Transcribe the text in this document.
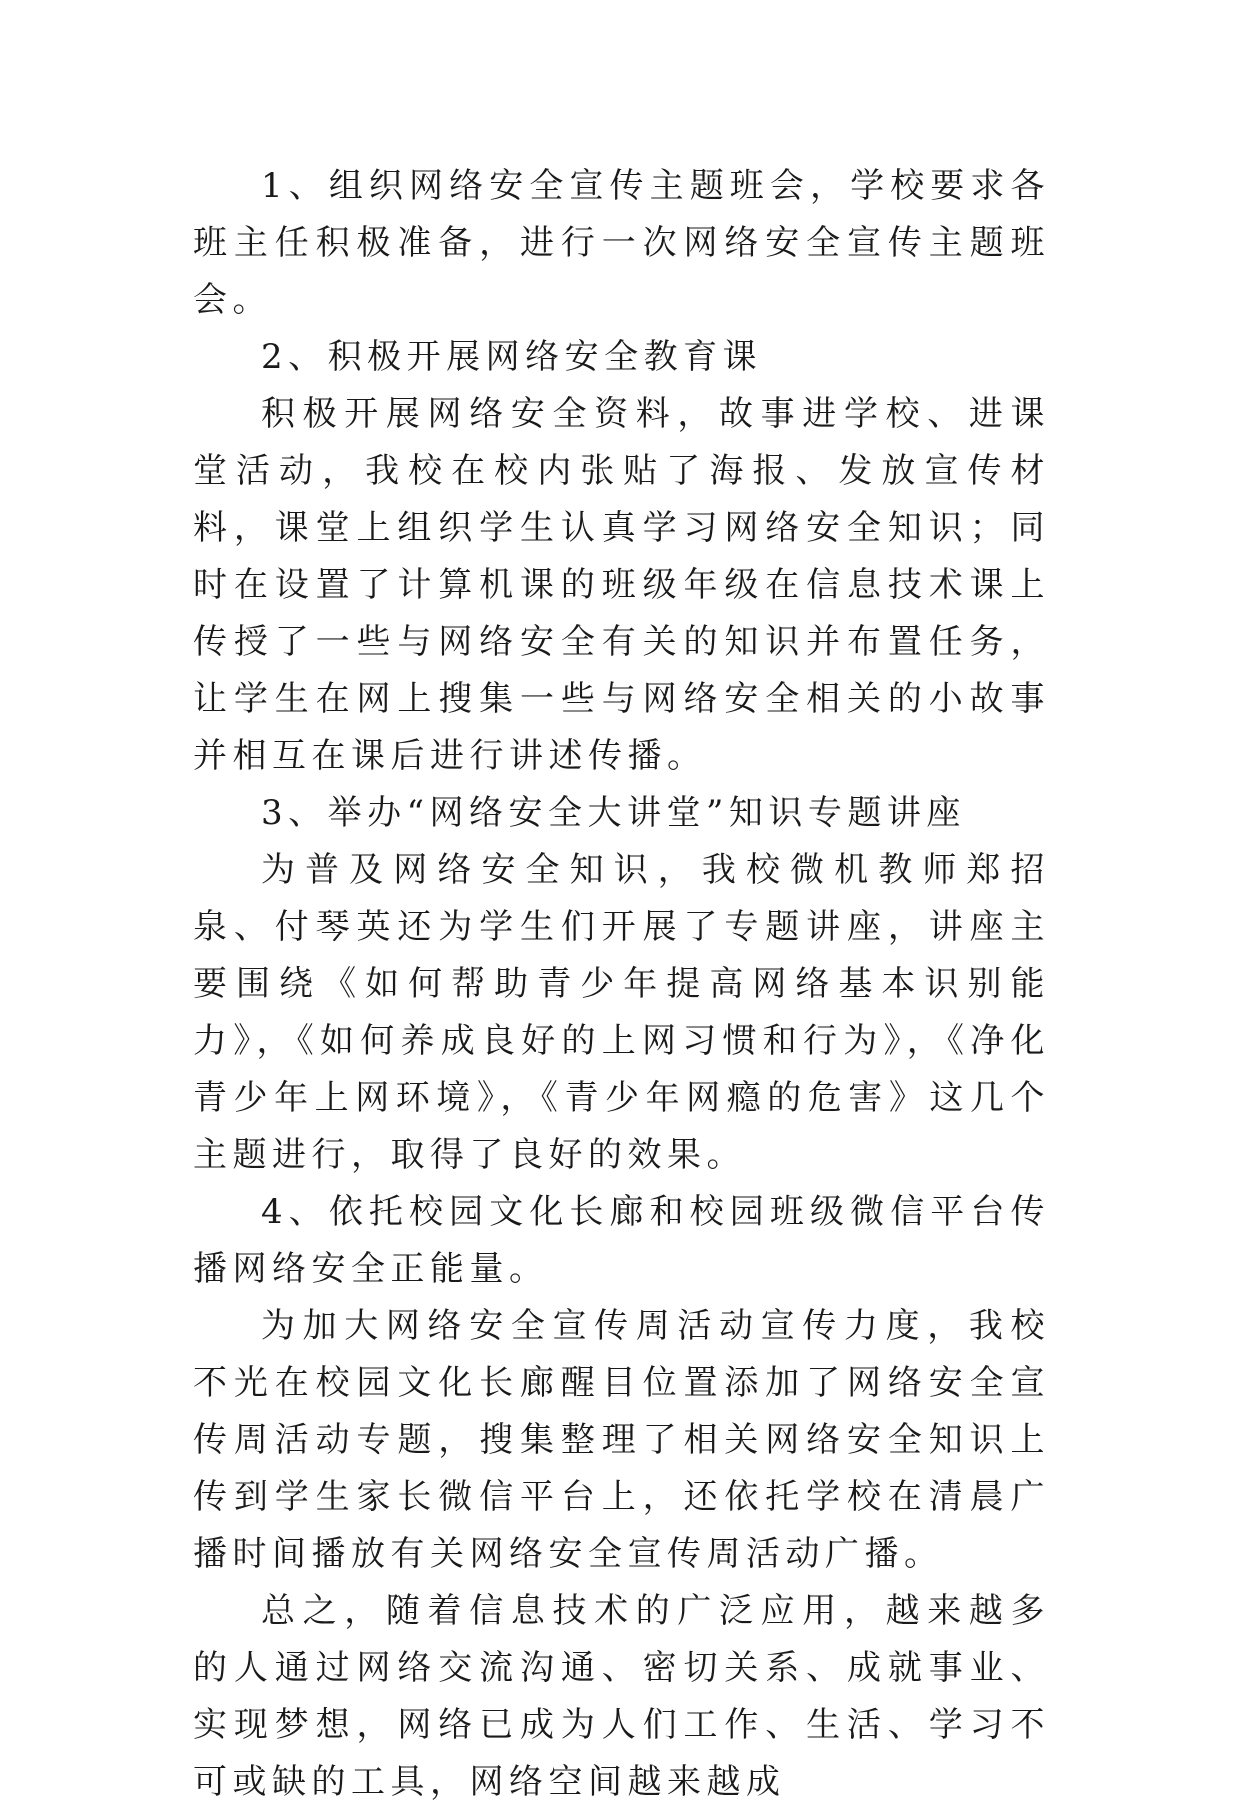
1、组织网络安全宣传主题班会，学校要求各班主任积极准备，进行一次网络安全宣传主题班会。

2、积极开展网络安全教育课

积极开展网络安全资料，故事进学校、进课堂活动，我校在校内张贴了海报、发放宣传材料，课堂上组织学生认真学习网络安全知识；同时在设置了计算机课的班级年级在信息技术课上传授了一些与网络安全有关的知识并布置任务，让学生在网上搜集一些与网络安全相关的小故事并相互在课后进行讲述传播。

3、举办“网络安全大讲堂”知识专题讲座

为普及网络安全知识，我校微机教师郑招泉、付琴英还为学生们开展了专题讲座，讲座主要围绕《如何帮助青少年提高网络基本识别能力》，《如何养成良好的上网习惯和行为》，《净化青少年上网环境》，《青少年网瘾的危害》这几个主题进行，取得了良好的效果。

4、依托校园文化长廊和校园班级微信平台传播网络安全正能量。

为加大网络安全宣传周活动宣传力度，我校不光在校园文化长廊醒目位置添加了网络安全宣传周活动专题，搜集整理了相关网络安全知识上传到学生家长微信平台上，还依托学校在清晨广播时间播放有关网络安全宣传周活动广播。

总之，随着信息技术的广泛应用，越来越多的人通过网络交流沟通、密切关系、成就事业、实现梦想，网络已成为人们工作、生活、学习不可或缺的工具，网络空间越来越成
